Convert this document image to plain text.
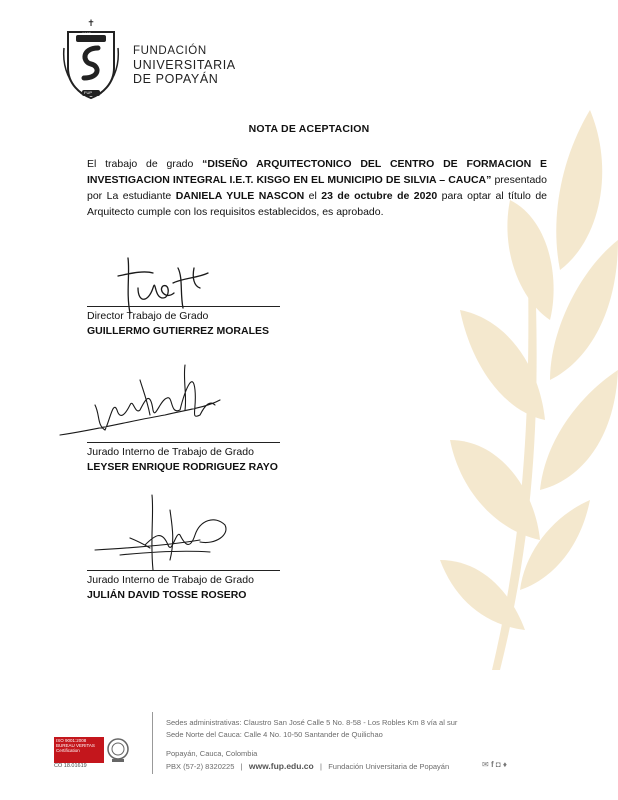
✝
1982
FUP
FUNDACIÓN
UNIVERSITARIA
DE POPAYÁN
NOTA DE ACEPTACION
El trabajo de grado “DISEÑO ARQUITECTONICO DEL CENTRO DE FORMACION E INVESTIGACION INTEGRAL I.E.T. KISGO EN EL MUNICIPIO DE SILVIA – CAUCA” presentado por La estudiante DANIELA YULE NASCON el 23 de octubre de 2020 para optar al título de Arquitecto cumple con los requisitos establecidos, es aprobado.
Director Trabajo de Grado
GUILLERMO GUTIERREZ MORALES
Jurado Interno de Trabajo de Grado
LEYSER ENRIQUE RODRIGUEZ RAYO
Jurado Interno de Trabajo de Grado
JULIÁN DAVID TOSSE ROSERO
Sedes administrativas: Claustro San José Calle 5 No. 8-58 - Los Robles Km 8 vía al sur
Sede Norte del Cauca: Calle 4 No. 10-50 Santander de Quilichao
Popayán, Cauca, Colombia
PBX (57-2) 8320225 | www.fup.edu.co | Fundación Universitaria de Popayán	✉ f ◘ ♦
ISO 9001:2008 BUREAU VERITAS Certification
CO 18.01619
